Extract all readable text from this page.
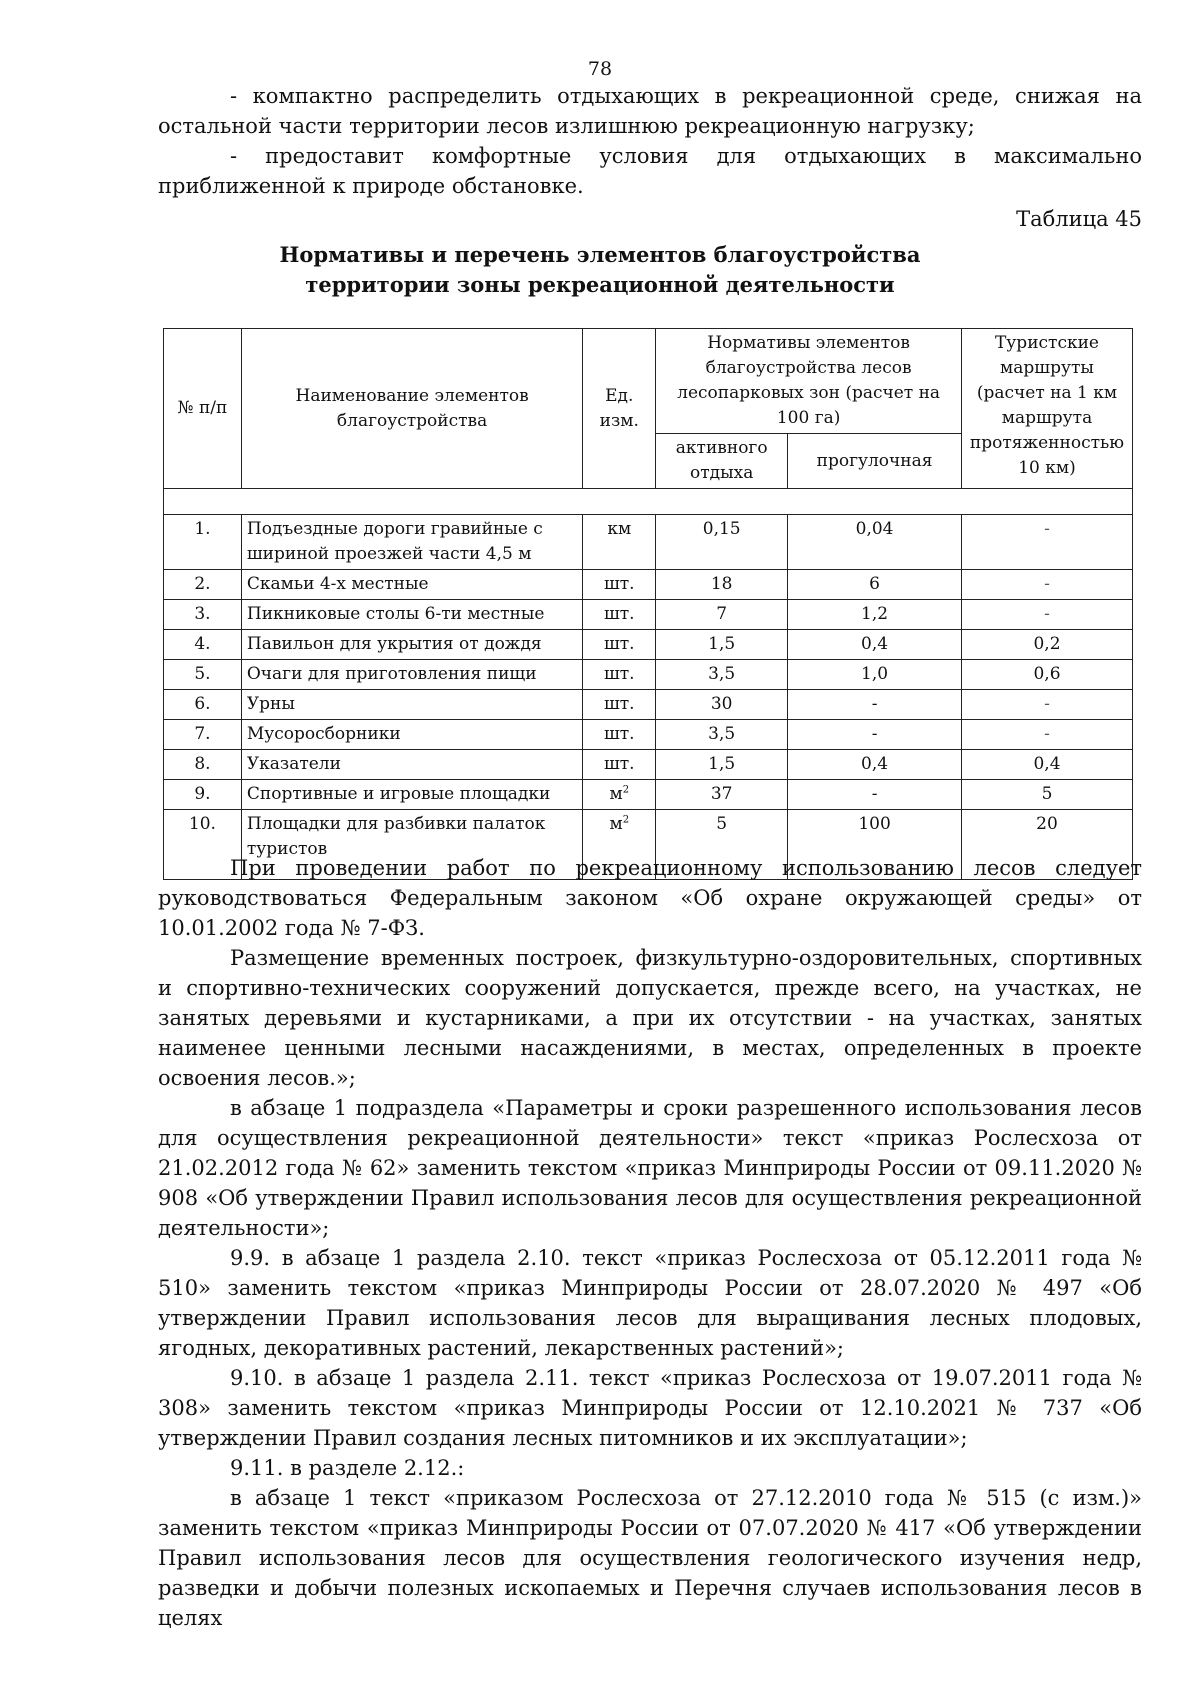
78
- компактно распределить отдыхающих в рекреационной среде, снижая на
остальной части территории лесов излишнюю рекреационную нагрузку;
- предоставит комфортные условия для отдыхающих в максимально
приближенной к природе обстановке.
Таблица 45
Нормативы и перечень элементов благоустройства
территории зоны рекреационной деятельности
№ п/п	Наименование элементов благоустройства	Ед. изм.	Нормативы элементов благоустройства лесов лесопарковых зон (расчет на 100 га)		Туристские маршруты (расчет на 1 км маршрута протяженностью 10 км)
			активного отдыха	прогулочная	

1.	Подъездные дороги гравийные с шириной проезжей части 4,5 м	км	0,15	0,04	-
2.	Скамьи 4-х местные	шт.	18	6	-
3.	Пикниковые столы 6-ти местные	шт.	7	1,2	-
4.	Павильон для укрытия от дождя	шт.	1,5	0,4	0,2
5.	Очаги для приготовления пищи	шт.	3,5	1,0	0,6
6.	Урны	шт.	30	-	-
7.	Мусоросборники	шт.	3,5	-	-
8.	Указатели	шт.	1,5	0,4	0,4
9.	Спортивные и игровые площадки	$м^2$	37	-	5
10.	Площадки для разбивки палаток туристов	$м^2$	5	100	20

При проведении работ по рекреационному использованию лесов следует руководствоваться Федеральным законом «Об охране окружающей среды» от 10.01.2002 года № 7-ФЗ.

Размещение временных построек, физкультурно-оздоровительных, спортивных и спортивно-технических сооружений допускается, прежде всего, на участках, не занятых деревьями и кустарниками, а при их отсутствии - на участках, занятых наименее ценными лесными насаждениями, в местах, определенных в проекте освоения лесов.»;

в абзаце 1 подраздела «Параметры и сроки разрешенного использования лесов для осуществления рекреационной деятельности» текст «приказ Рослесхоза от 21.02.2012 года № 62» заменить текстом «приказ Минприроды России от 09.11.2020 № 908 «Об утверждении Правил использования лесов для осуществления рекреационной деятельности»;

9.9. в абзаце 1 раздела 2.10. текст «приказ Рослесхоза от 05.12.2011 года № 510» заменить текстом «приказ Минприроды России от 28.07.2020 № 497 «Об утверждении Правил использования лесов для выращивания лесных плодовых, ягодных, декоративных растений, лекарственных растений»;

9.10. в абзаце 1 раздела 2.11. текст «приказ Рослесхоза от 19.07.2011 года № 308» заменить текстом «приказ Минприроды России от 12.10.2021 № 737 «Об утверждении Правил создания лесных питомников и их эксплуатации»;

9.11. в разделе 2.12.:

в абзаце 1 текст «приказом Рослесхоза от 27.12.2010 года № 515 (с изм.)» заменить текстом «приказ Минприроды России от 07.07.2020 № 417 «Об утверждении Правил использования лесов для осуществления геологического изучения недр, разведки и добычи полезных ископаемых и Перечня случаев использования лесов в целях
